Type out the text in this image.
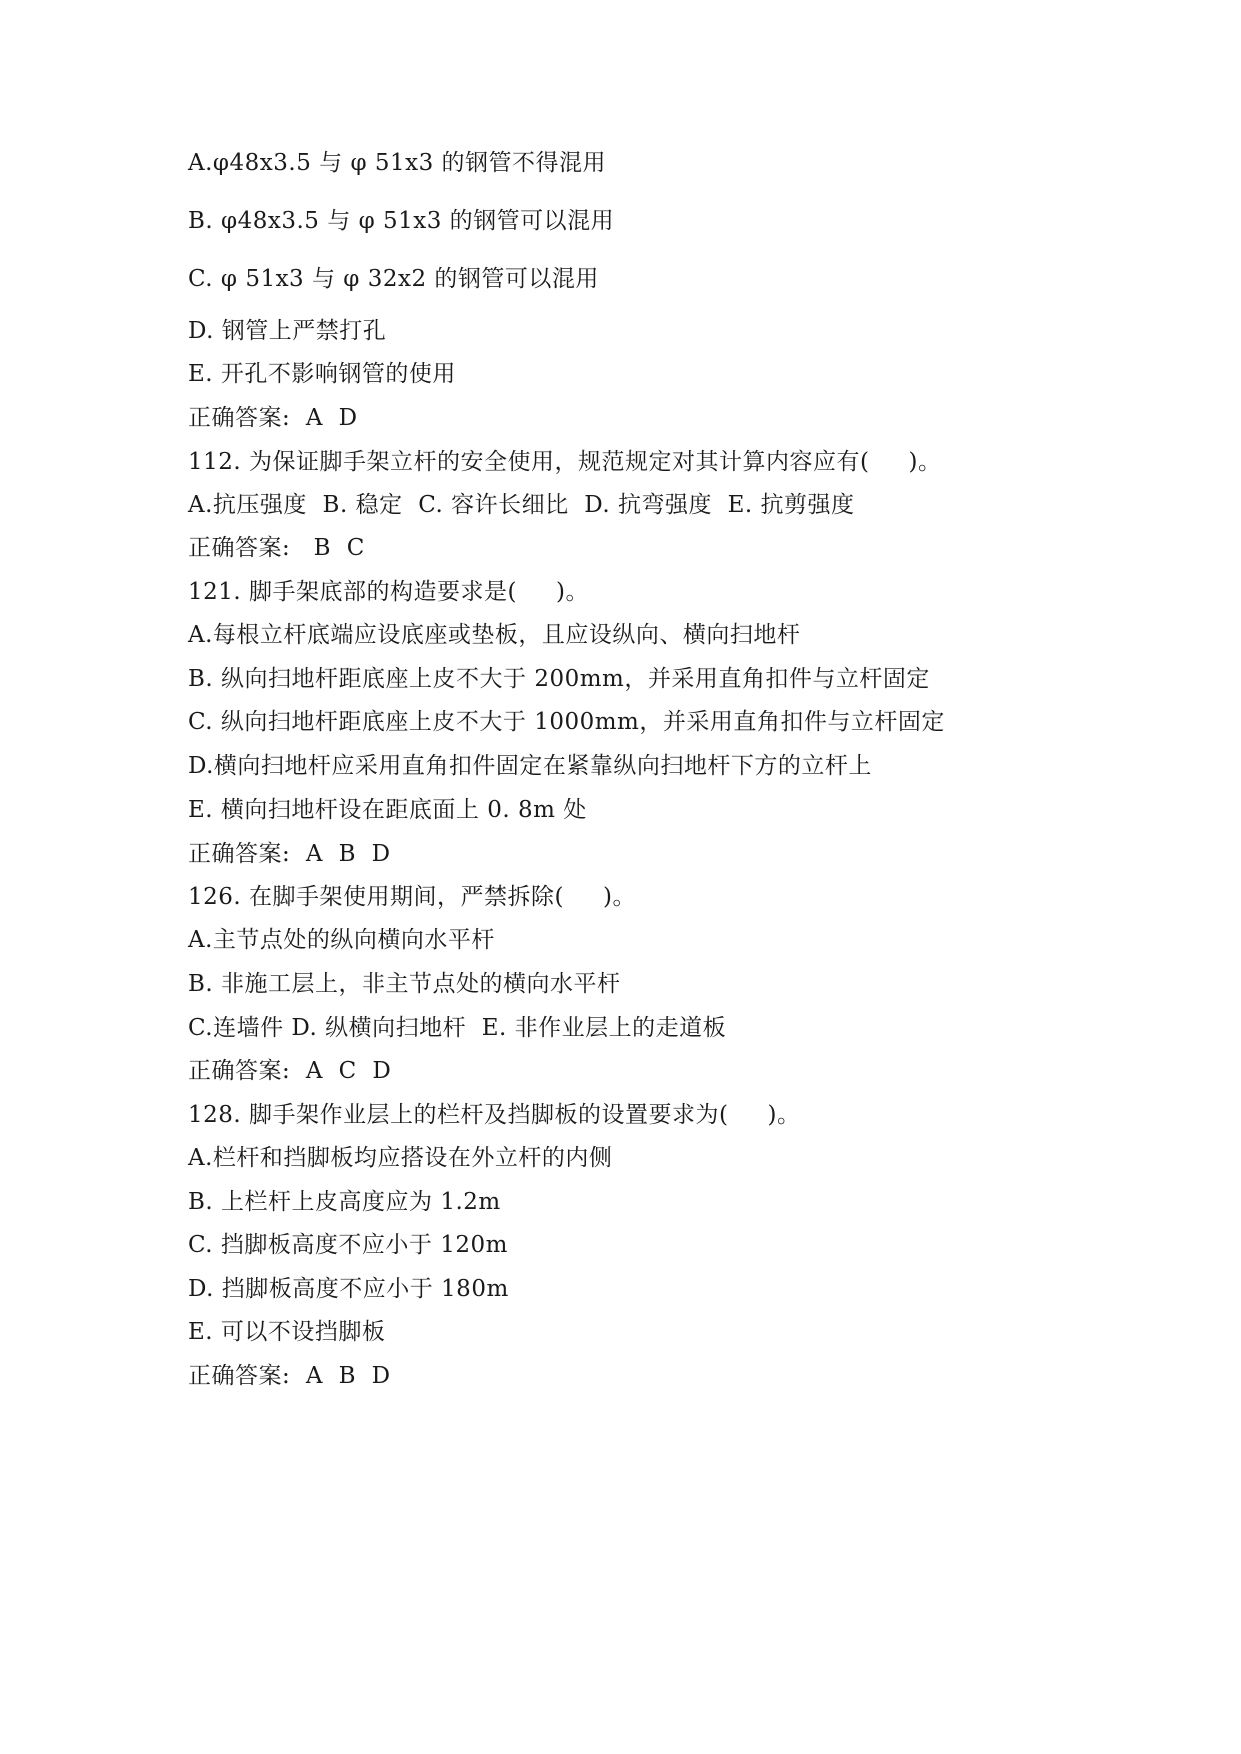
A.φ48x3.5 与 φ 51x3 的钢管不得混用
B. φ48x3.5 与 φ 51x3 的钢管可以混用
C. φ 51x3 与 φ 32x2 的钢管可以混用
D. 钢管上严禁打孔
E. 开孔不影响钢管的使用
正确答案:  A  D
112. 为保证脚手架立杆的安全使用，规范规定对其计算内容应有(     )。
A.抗压强度  B. 稳定  C. 容许长细比  D. 抗弯强度  E. 抗剪强度
正确答案:   B  C
121. 脚手架底部的构造要求是(     )。
A.每根立杆底端应设底座或垫板，且应设纵向、横向扫地杆
B. 纵向扫地杆距底座上皮不大于 200mm，并采用直角扣件与立杆固定
C. 纵向扫地杆距底座上皮不大于 1000mm，并采用直角扣件与立杆固定
D.横向扫地杆应采用直角扣件固定在紧靠纵向扫地杆下方的立杆上
E. 横向扫地杆设在距底面上 0. 8m 处
正确答案:  A  B  D
126. 在脚手架使用期间，严禁拆除(     )。
A.主节点处的纵向横向水平杆
B. 非施工层上，非主节点处的横向水平杆
C.连墙件 D. 纵横向扫地杆  E. 非作业层上的走道板
正确答案:  A  C  D
128. 脚手架作业层上的栏杆及挡脚板的设置要求为(     )。
A.栏杆和挡脚板均应搭设在外立杆的内侧
B. 上栏杆上皮高度应为 1.2m
C. 挡脚板高度不应小于 120m
D. 挡脚板高度不应小于 180m
E. 可以不设挡脚板
正确答案:  A  B  D
